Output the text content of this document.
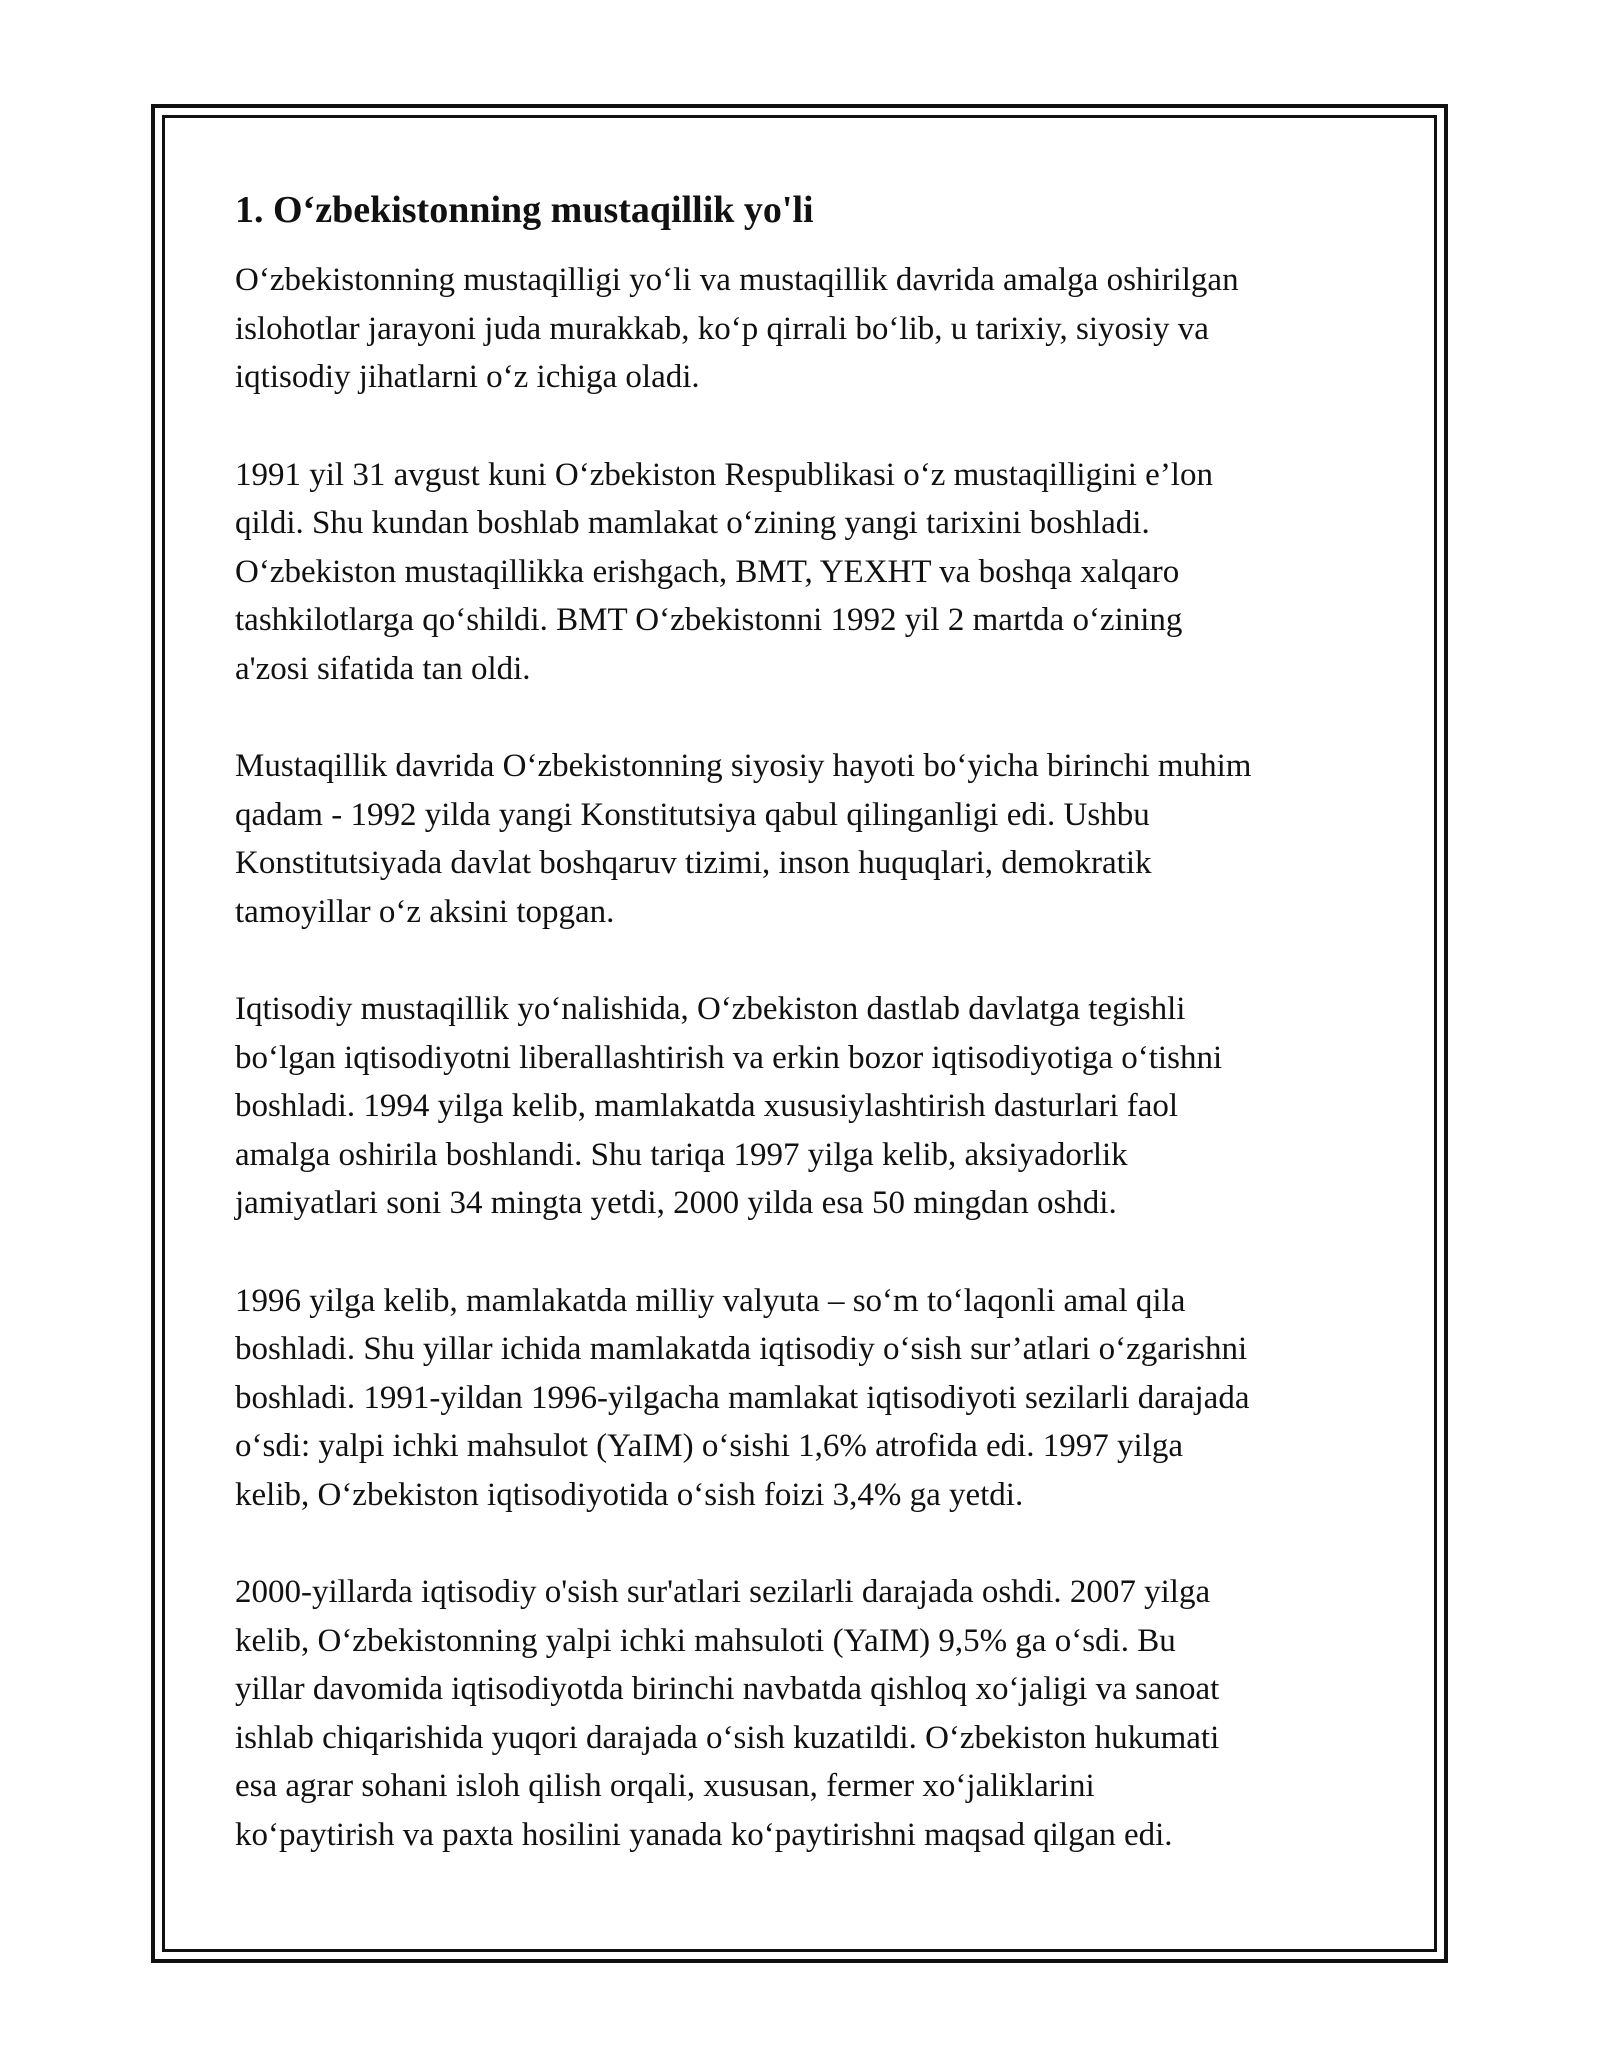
1. O‘zbekistonning mustaqillik yo'li

O‘zbekistonning mustaqilligi yo‘li va mustaqillik davrida amalga oshirilgan
islohotlar jarayoni juda murakkab, ko‘p qirrali bo‘lib, u tarixiy, siyosiy va
iqtisodiy jihatlarni o‘z ichiga oladi.

1991 yil 31 avgust kuni O‘zbekiston Respublikasi o‘z mustaqilligini e’lon
qildi. Shu kundan boshlab mamlakat o‘zining yangi tarixini boshladi.
O‘zbekiston mustaqillikka erishgach, BMT, YEXHT va boshqa xalqaro
tashkilotlarga qo‘shildi. BMT O‘zbekistonni 1992 yil 2 martda o‘zining
a'zosi sifatida tan oldi.

Mustaqillik davrida O‘zbekistonning siyosiy hayoti bo‘yicha birinchi muhim
qadam - 1992 yilda yangi Konstitutsiya qabul qilinganligi edi. Ushbu
Konstitutsiyada davlat boshqaruv tizimi, inson huquqlari, demokratik
tamoyillar o‘z aksini topgan.

Iqtisodiy mustaqillik yo‘nalishida, O‘zbekiston dastlab davlatga tegishli
bo‘lgan iqtisodiyotni liberallashtirish va erkin bozor iqtisodiyotiga o‘tishni
boshladi. 1994 yilga kelib, mamlakatda xususiylashtirish dasturlari faol
amalga oshirila boshlandi. Shu tariqa 1997 yilga kelib, aksiyadorlik
jamiyatlari soni 34 mingta yetdi, 2000 yilda esa 50 mingdan oshdi.

1996 yilga kelib, mamlakatda milliy valyuta – so‘m to‘laqonli amal qila
boshladi. Shu yillar ichida mamlakatda iqtisodiy o‘sish sur’atlari o‘zgarishni
boshladi. 1991-yildan 1996-yilgacha mamlakat iqtisodiyoti sezilarli darajada
o‘sdi: yalpi ichki mahsulot (YaIM) o‘sishi 1,6% atrofida edi. 1997 yilga
kelib, O‘zbekiston iqtisodiyotida o‘sish foizi 3,4% ga yetdi.

2000-yillarda iqtisodiy o'sish sur'atlari sezilarli darajada oshdi. 2007 yilga
kelib, O‘zbekistonning yalpi ichki mahsuloti (YaIM) 9,5% ga o‘sdi. Bu
yillar davomida iqtisodiyotda birinchi navbatda qishloq xo‘jaligi va sanoat
ishlab chiqarishida yuqori darajada o‘sish kuzatildi. O‘zbekiston hukumati
esa agrar sohani isloh qilish orqali, xususan, fermer xo‘jaliklarini
ko‘paytirish va paxta hosilini yanada ko‘paytirishni maqsad qilgan edi.
